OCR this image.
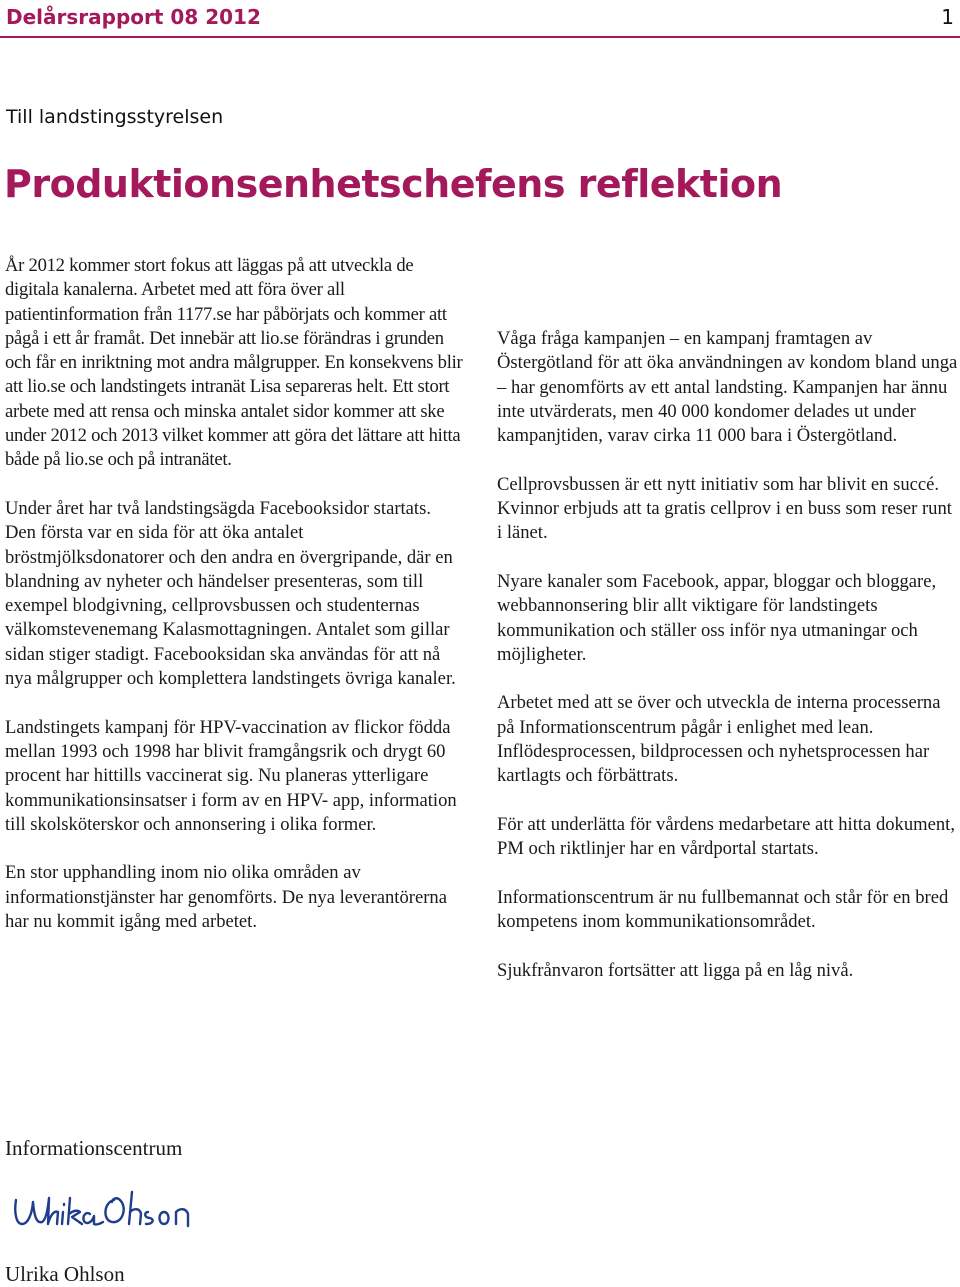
Delårsrapport 08 2012	1
Till landstingsstyrelsen
Produktionsenhetschefens reflektion

År 2012 kommer stort fokus att läggas på att utveckla de digitala kanalerna. Arbetet med att föra över all patientinformation från 1177.se har påbörjats och kommer att pågå i ett år framåt. Det innebär att lio.se förändras i grunden och får en inriktning mot andra målgrupper. En konsekvens blir att lio.se och landstingets intranät Lisa separeras helt. Ett stort arbete med att rensa och minska antalet sidor kommer att ske under 2012 och 2013 vilket kommer att göra det lättare att hitta både på lio.se och på intranätet.

Under året har två landstingsägda Facebooksidor startats. Den första var en sida för att öka antalet bröstmjölksdonatorer och den andra en övergripande, där en blandning av nyheter och händelser presenteras, som till exempel blodgivning, cellprovsbussen och studenternas välkomstevenemang Kalasmottagningen. Antalet som gillar sidan stiger stadigt. Facebooksidan ska användas för att nå nya målgrupper och komplettera landstingets övriga kanaler.

Landstingets kampanj för HPV-vaccination av flickor födda mellan 1993 och 1998 har blivit framgångsrik och drygt 60 procent har hittills vaccinerat sig. Nu planeras ytterligare kommunikationsinsatser i form av en HPV- app, information till skolsköterskor och annonsering i olika former.

En stor upphandling inom nio olika områden av informationstjänster har genomförts. De nya leverantörerna har nu kommit igång med arbetet.

Våga fråga kampanjen – en kampanj framtagen av Östergötland för att öka användningen av kondom bland unga – har genomförts av ett antal landsting. Kampanjen har ännu inte utvärderats, men 40 000 kondomer delades ut under kampanjtiden, varav cirka 11 000 bara i Östergötland.

Cellprovsbussen är ett nytt initiativ som har blivit en succé. Kvinnor erbjuds att ta gratis cellprov i en buss som reser runt i länet.

Nyare kanaler som Facebook, appar, bloggar och bloggare, webbannonsering blir allt viktigare för landstingets kommunikation och ställer oss inför nya utmaningar och möjligheter.

Arbetet med att se över och utveckla de interna processerna på Informationscentrum pågår i enlighet med lean. Inflödesprocessen, bildprocessen och nyhetsprocessen har kartlagts och förbättrats.

För att underlätta för vårdens medarbetare att hitta dokument, PM och riktlinjer har en vårdportal startats.

Informationscentrum är nu fullbemannat och står för en bred kompetens inom kommunikationsområdet.

Sjukfrånvaron fortsätter att ligga på en låg nivå.

Informationscentrum
Ulrika Ohlson
